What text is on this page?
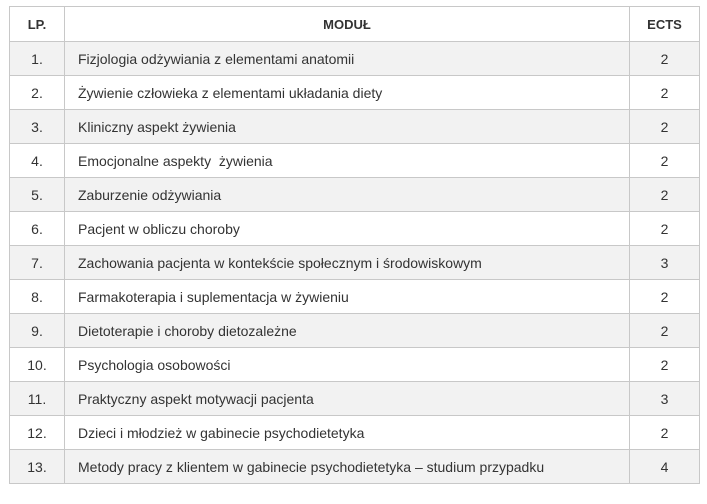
LP.	MODUŁ	ECTS
1.	Fizjologia odżywiania z elementami anatomii	2
2.	Żywienie człowieka z elementami układania diety	2
3.	Kliniczny aspekt żywienia	2
4.	Emocjonalne aspekty  żywienia	2
5.	Zaburzenie odżywiania	2
6.	Pacjent w obliczu choroby	2
7.	Zachowania pacjenta w kontekście społecznym i środowiskowym	3
8.	Farmakoterapia i suplementacja w żywieniu	2
9.	Dietoterapie i choroby dietozależne	2
10.	Psychologia osobowości	2
11.	Praktyczny aspekt motywacji pacjenta	3
12.	Dzieci i młodzież w gabinecie psychodietetyka	2
13.	Metody pracy z klientem w gabinecie psychodietetyka – studium przypadku	4
